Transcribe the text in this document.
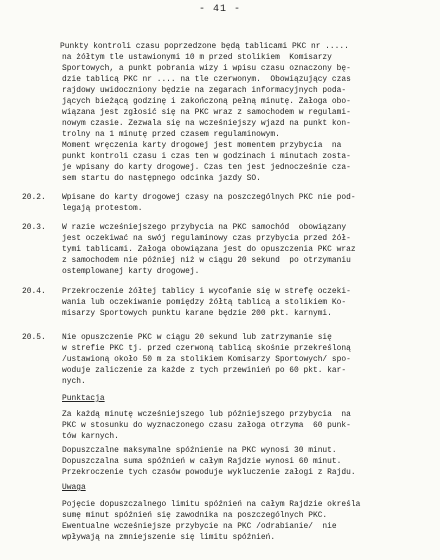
- 41 -
Punkty kontroli czasu poprzedzone będą tablicami PKC nr .....
na żółtym tle ustawionymi 10 m przed stolikiem  Komisarzy
Sportowych, a punkt pobrania wizy i wpisu czasu oznaczony bę-
dzie tablicą PKC nr .... na tle czerwonym.  Obowiązujący czas
rajdowy uwidoczniony będzie na zegarach informacyjnych poda-
jących bieżącą godzinę i zakończoną pełną minutę. Załoga obo-
wiązana jest zgłosić się na PKC wraz z samochodem w regulami-
nowym czasie. Zezwala się na wcześniejszy wjazd na punkt kon-
trolny na 1 minutę przed czasem regulaminowym.
Moment wręczenia karty drogowej jest momentem przybycia  na
punkt kontroli czasu i czas ten w godzinach i minutach zosta-
je wpisany do karty drogowej. Czas ten jest jednocześnie cza-
sem startu do następnego odcinka jazdy SO.
20.2. Wpisane do karty drogowej czasy na poszczególnych PKC nie pod-
legają protestom.
20.3. W razie wcześniejszego przybycia na PKC samochód  obowiązany
jest oczekiwać na swój regulaminowy czas przybycia przed żół-
tymi tablicami. Załoga obowiązana jest do opuszczenia PKC wraz
z samochodem nie później niż w ciągu 20 sekund  po otrzymaniu
ostemplowanej karty drogowej.
20.4. Przekroczenie żółtej tablicy i wycofanie się w strefę oczeki-
wania lub oczekiwanie pomiędzy żółtą tablicą a stolikiem Ko-
misarzy Sportowych punktu karane będzie 200 pkt. karnymi.
20.5. Nie opuszczenie PKC w ciągu 20 sekund lub zatrzymanie się
w strefie PKC tj. przed czerwoną tablicą skośnie przekreśloną
/ustawioną około 50 m za stolikiem Komisarzy Sportowych/ spo-
woduje zaliczenie za każde z tych przewinień po 60 pkt. kar-
nych.
Punktacja
Za każdą minutę wcześniejszego lub późniejszego przybycia  na
PKC w stosunku do wyznaczonego czasu załoga otrzyma  60 punk-
tów karnych.
Dopuszczalne maksymalne spóźnienie na PKC wynosi 30 minut.
Dopuszczalna suma spóźnień w całym Rajdzie wynosi 60 minut.
Przekroczenie tych czasów powoduje wykluczenie załogi z Rajdu.
Uwaga
Pojęcie dopuszczalnego limitu spóźnień na całym Rajdzie określa
sumę minut spóźnień się zawodnika na poszczególnych PKC.
Ewentualne wcześniejsze przybycie na PKC /odrabianie/  nie
wpływają na zmniejszenie się limitu spóźnień.
